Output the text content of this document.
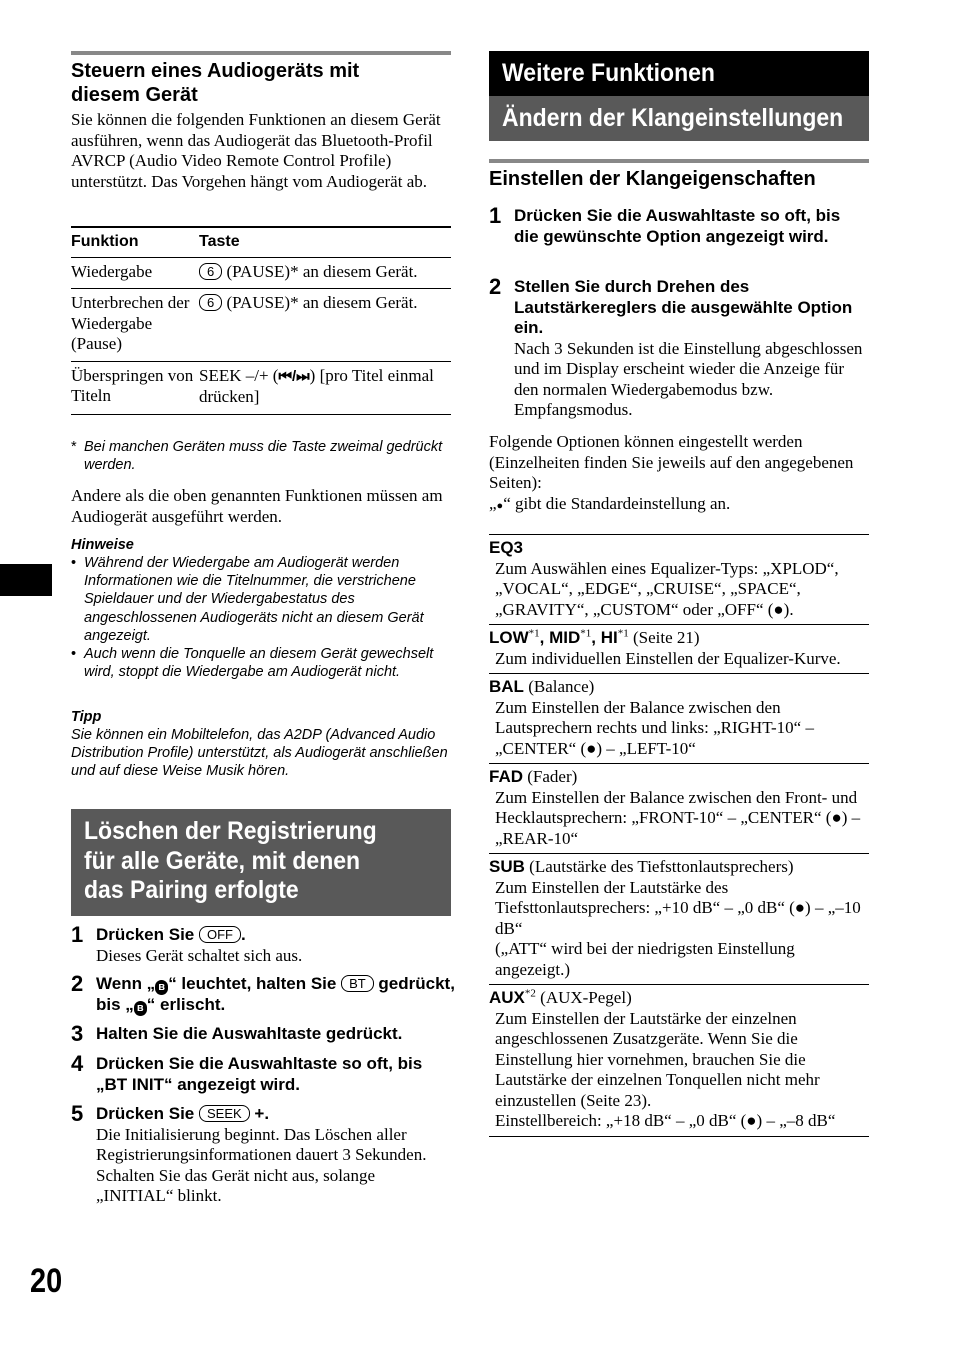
Steuern eines Audiogeräts mit diesem Gerät

Sie können die folgenden Funktionen an diesem Gerät ausführen, wenn das Audiogerät das Bluetooth-Profil AVRCP (Audio Video Remote Control Profile) unterstützt. Das Vorgehen hängt vom Audiogerät ab.

Funktion	Taste
Wiedergabe	6 (PAUSE)* an diesem Gerät.
Unterbrechen der Wiedergabe (Pause)	6 (PAUSE)* an diesem Gerät.
Überspringen von Titeln	SEEK –/+ (⏮/⏭) [pro Titel einmal drücken]
* Bei manchen Geräten muss die Taste zweimal gedrückt werden.

Andere als die oben genannten Funktionen müssen am Audiogerät ausgeführt werden.

Hinweise
• Während der Wiedergabe am Audiogerät werden Informationen wie die Titelnummer, die verstrichene Spieldauer und der Wiedergabestatus des angeschlossenen Audiogeräts nicht an diesem Gerät angezeigt.
• Auch wenn die Tonquelle an diesem Gerät gewechselt wird, stoppt die Wiedergabe am Audiogerät nicht.
Tipp
Sie können ein Mobiltelefon, das A2DP (Advanced Audio Distribution Profile) unterstützt, als Audiogerät anschließen und auf diese Weise Musik hören.
Löschen der Registrierung für alle Geräte, mit denen das Pairing erfolgte
1 Drücken Sie OFF .
Dieses Gerät schaltet sich aus.
2 Wenn „ ʙ “ leuchtet, halten Sie BT gedrückt, bis „ ʙ “ erlischt.
3 Halten Sie die Auswahltaste gedrückt.
4 Drücken Sie die Auswahltaste so oft, bis „BT INIT“ angezeigt wird.
5 Drücken Sie SEEK +.
Die Initialisierung beginnt. Das Löschen aller Registrierungsinformationen dauert 3 Sekunden. Schalten Sie das Gerät nicht aus, solange „INITIAL“ blinkt.
20
Weitere Funktionen
Ändern der Klangeinstellungen
Einstellen der Klangeigenschaften
1 Drücken Sie die Auswahltaste so oft, bis die gewünschte Option angezeigt wird.
2 Stellen Sie durch Drehen des Lautstärkereglers die ausgewählte Option ein.
Nach 3 Sekunden ist die Einstellung abgeschlossen und im Display erscheint wieder die Anzeige für den normalen Wiedergabemodus bzw. Empfangsmodus.

Folgende Optionen können eingestellt werden (Einzelheiten finden Sie jeweils auf den angegebenen Seiten):

„●“ gibt die Standardeinstellung an.
EQ3
Zum Auswählen eines Equalizer-Typs: „XPLOD“, „VOCAL“, „EDGE“, „CRUISE“, „SPACE“, „GRAVITY“, „CUSTOM“ oder „OFF“ (●).
LOW$^{*1}$, MID$^{*1}$, HI$^{*1}$ (Seite 21)
Zum individuellen Einstellen der Equalizer-Kurve.
BAL (Balance)
Zum Einstellen der Balance zwischen den Lautsprechern rechts und links: „RIGHT-10“ – „CENTER“ (●) – „LEFT-10“
FAD (Fader)
Zum Einstellen der Balance zwischen den Front- und Hecklautsprechern: „FRONT-10“ – „CENTER“ (●) – „REAR-10“
SUB (Lautstärke des Tiefsttonlautsprechers)
Zum Einstellen der Lautstärke des Tiefsttonlautsprechers: „+10 dB“ – „0 dB“ (●) – „–10 dB“
(„ATT“ wird bei der niedrigsten Einstellung angezeigt.)
AUX$^{*2}$ (AUX-Pegel)
Zum Einstellen der Lautstärke der einzelnen angeschlossenen Zusatzgeräte. Wenn Sie die Einstellung hier vornehmen, brauchen Sie die Lautstärke der einzelnen Tonquellen nicht mehr einzustellen (Seite 23).
Einstellbereich: „+18 dB“ – „0 dB“ (●) – „–8 dB“
